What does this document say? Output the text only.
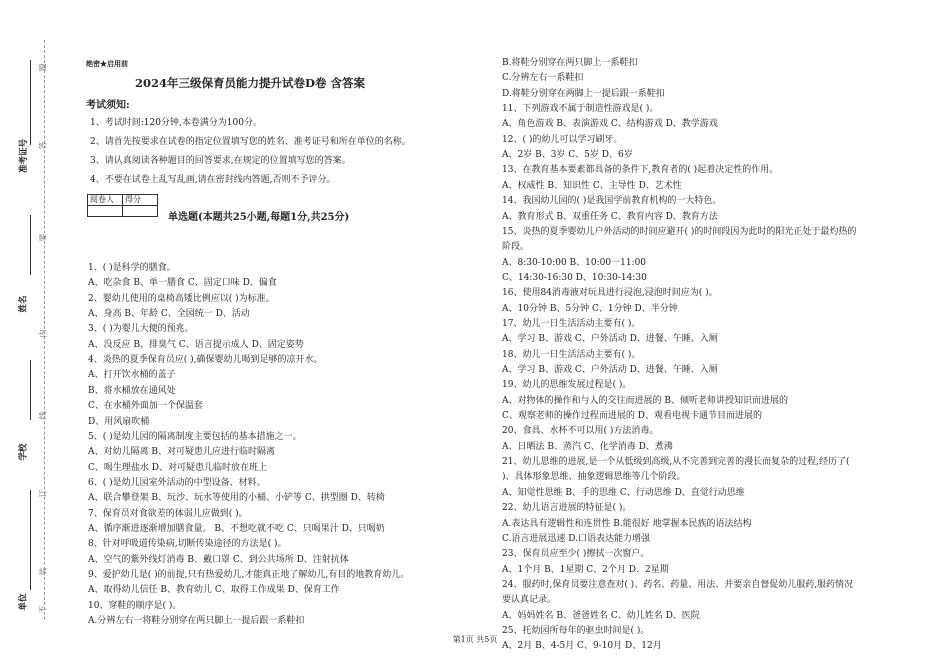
准考证号
姓名
学校
单位
题
答
要
内
线
订
装
不
绝密★启用前
2024年三级保育员能力提升试卷D卷 含答案
考试须知:
1、考试时间:120分钟,本卷满分为100分。
2、请首先按要求在试卷的指定位置填写您的姓名、准考证号和所在单位的名称。
3、请认真阅读各种题目的回答要求,在规定的位置填写您的答案。
4、不要在试卷上乱写乱画,请在密封线内答题,否则不予评分。
阅卷人	得分

单选题(本题共25小题,每题1分,共25分)
1、( )是科学的膳食。
A、吃杂食 B、单一膳食 C、固定口味 D、偏食
2、婴幼儿使用的桌椅高矮比例应以( )为标准。
A、身高 B、年龄 C、全园统一 D、活动
3、( )为婴儿大便的预兆。
A、没反应 B、排臭气 C、语言提示成人 D、固定姿势
4、炎热的夏季保育员应( ),确保婴幼儿喝到足够的凉开水。
A、打开饮水桶的盖子
B、将水桶放在通风处
C、在水桶外面加一个保温套
D、用风扇吹桶
5、( )是幼儿园的隔离制度主要包括的基本措施之一。
A、对幼儿隔离 B、对可疑患儿应进行临时隔离
C、喝生理盐水 D、对可疑患儿临时放在班上
6、( )是幼儿园室外活动的中型设备、材料。
A、联合攀登架 B、玩沙、玩水等使用的小桶、小铲等 C、拱型圈 D、转椅
7、保育员对食欲差的体弱儿应做到( )。
A、循序渐进逐渐增加膳食量。 B、不想吃就不吃 C、只喝果汁 D、只喝奶
8、针对呼吸道传染病,切断传染途径的方法是( )。
A、空气的紫外线灯消毒 B、戴口罩 C、到公共场所 D、注射抗体
9、爱护幼儿是( )的前提,只有热爱幼儿,才能真正地了解幼儿,有目的地教育幼儿。
A、取得幼儿信任 B、教育幼儿 C、取得工作成果 D、保育工作
10、穿鞋的顺序是( )。
A.分辨左右一将鞋分别穿在两只脚上一提后跟一系鞋扣
B.将鞋分别穿在两只脚上一系鞋扣
C.分辨左右一系鞋扣
D.将鞋分别穿在两脚上一提后跟一系鞋扣
11、下列游戏不属于制造性游戏是( )。
A、角色游戏 B、表演游戏 C、结构游戏 D、教学游戏
12、( )的幼儿可以学习刷牙。
A、2岁 B、3岁 C、5岁 D、6岁
13、在教育基本要素都具备的条件下,教育者的( )起着决定性的作用。
A、权威性 B、知识性 C、主导性 D、艺术性
14、我国幼儿园的( )是我国学前教育机构的一大特色。
A、教育形式 B、双重任务 C、教育内容 D、教育方法
15、炎热的夏季婴幼儿户外活动的时间应避开( )的时间段因为此时的阳光正处于最灼热的
阶段。
A、8:30-10:00 B、10:00一11:00
C、14:30-16:30 D、10:30-14:30
16、使用84消毒液对玩具进行浸泡,浸泡时间应为( )。
A、10分钟 B、5分钟 C、1分钟 D、半分钟
17、幼儿一日生活活动主要有( )。
A、学习 B、游戏 C、户外活动 D、进餐、午睡、入厕
18、幼儿一日生活活动主要有( )。
A、学习 B、游戏 C、户外活动 D、进餐、午睡、入厕
19、幼儿的思维发展过程是( )。
A、对物体的操作和与人的交往而进展的 B、倾听老师讲授知识而进展的
C、观察老师的操作过程而进展的 D、观看电视卡通节目而进展的
20、食具、水杯不可以用( )方法消毒。
A、日晒法 B、蒸汽 C、化学消毒 D、煮沸
21、幼儿思维的进展,是一个从低级到高级,从不完善到完善的漫长而复杂的过程,经历了(
)、具体形象思维、抽象逻辑思维等几个阶段。
A、知觉性思维 B、手的思维 C、行动思维 D、直觉行动思维
22、幼儿语言进展的特征是( )。
A.表达具有逻辑性和连贯性 B.能很好 地掌握本民族的语法结构
C.语言进展迅速 D.口语表达能力增强
23、保育员应至少( )擦拭一次窗户。
A、1个月 B、1星期 C、2个月 D、2星期
24、服药时,保育员要注意查对( )、药名、药量、用法、并要亲自督促幼儿服药,服药情况
要认真记录。
A、妈妈姓名 B、爸爸姓名 C、幼儿姓名 D、医院
25、托幼园所每年的驱虫时间是( )。
A、2月 B、4-5月 C、9-10月 D、12月
第1页 共5页
